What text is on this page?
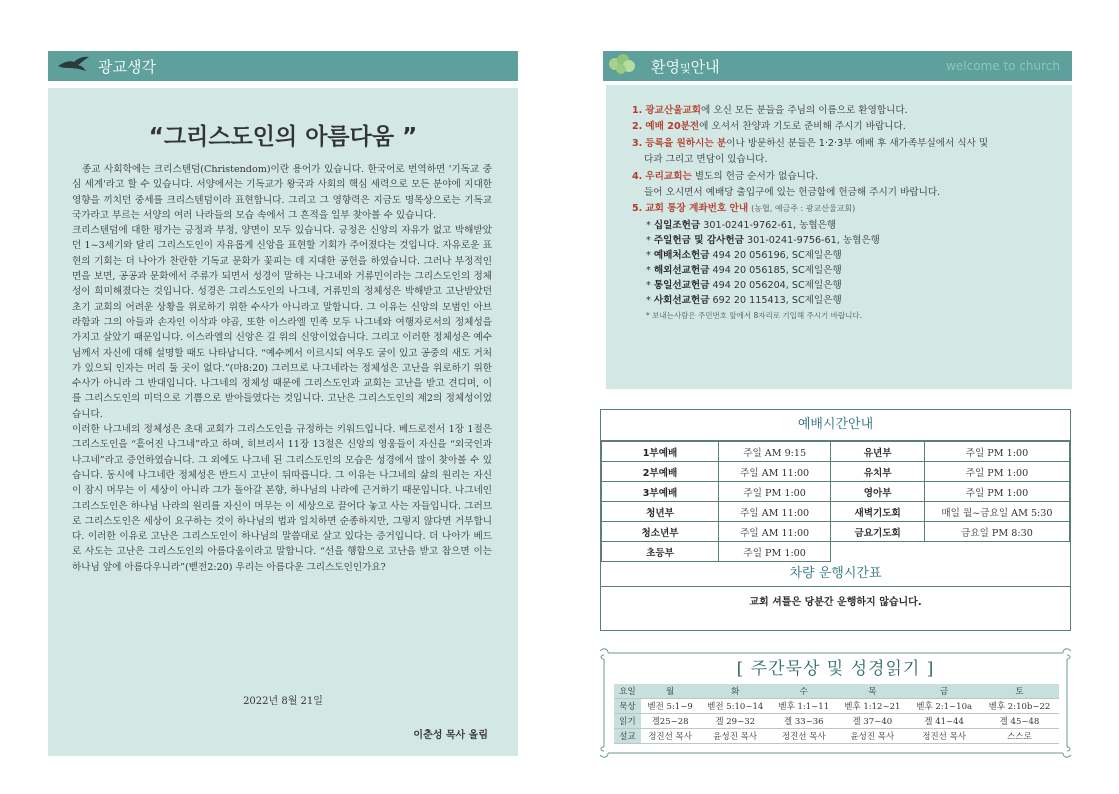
광교생각
“그리스도인의 아름다움 ”

종교 사회학에는 크리스텐덤(Christendom)이란 용어가 있습니다. 한국어로 번역하면 '기독교 중심 세계'라고 할 수 있습니다. 서양에서는 기독교가 왕국과 사회의 핵심 세력으로 모든 분야에 지대한 영향을 끼치던 중세를 크리스텐덤이라 표현합니다. 그리고 그 영향력은 지금도 명목상으로는 기독교 국가라고 부르는 서양의 여러 나라들의 모습 속에서 그 흔적을 일부 찾아볼 수 있습니다.

크리스텐덤에 대한 평가는 긍정과 부정, 양면이 모두 있습니다. 긍정은 신앙의 자유가 없고 박해받았던 1~3세기와 달리 그리스도인이 자유롭게 신앙을 표현할 기회가 주어졌다는 것입니다. 자유로운 표현의 기회는 더 나아가 찬란한 기독교 문화가 꽃피는 데 지대한 공헌을 하였습니다. 그러나 부정적인 면을 보면, 공공과 문화에서 주류가 되면서 성경이 말하는 나그네와 거류민이라는 그리스도인의 정체성이 희미해졌다는 것입니다. 성경은 그리스도인의 나그네, 거류민의 정체성은 박해받고 고난받았던 초기 교회의 어려운 상황을 위로하기 위한 수사가 아니라고 말합니다. 그 이유는 신앙의 모범인 아브라함과 그의 아들과 손자인 이삭과 야곱, 또한 이스라엘 민족 모두 나그네와 여행자로서의 정체성을 가지고 살았기 때문입니다. 이스라엘의 신앙은 길 위의 신앙이었습니다. 그리고 이러한 정체성은 예수님께서 자신에 대해 설명할 때도 나타납니다. “예수께서 이르시되 여우도 굴이 있고 공중의 새도 거처가 있으되 인자는 머리 둘 곳이 없다.”(마8:20) 그러므로 나그네라는 정체성은 고난을 위로하기 위한 수사가 아니라 그 반대입니다. 나그네의 정체성 때문에 그리스도인과 교회는 고난을 받고 견디며, 이를 그리스도인의 미덕으로 기쁨으로 받아들였다는 것입니다. 고난은 그리스도인의 제2의 정체성이었습니다.

이러한 나그네의 정체성은 초대 교회가 그리스도인을 규정하는 키워드입니다. 베드로전서 1장 1절은 그리스도인을 “흩어진 나그네”라고 하며, 히브리서 11장 13절은 신앙의 영웅들이 자신을 “외국인과 나그네”라고 증언하였습니다. 그 외에도 나그네 된 그리스도인의 모습은 성경에서 많이 찾아볼 수 있습니다. 동시에 나그네란 정체성은 반드시 고난이 뒤따릅니다. 그 이유는 나그네의 삶의 원리는 자신이 잠시 머무는 이 세상이 아니라 그가 돌아갈 본향, 하나님의 나라에 근거하기 때문입니다. 나그네인 그리스도인은 하나님 나라의 원리를 자신이 머무는 이 세상으로 끌어다 놓고 사는 자들입니다. 그러므로 그리스도인은 세상이 요구하는 것이 하나님의 법과 일치하면 순종하지만, 그렇지 않다면 거부합니다. 이러한 이유로 고난은 그리스도인이 하나님의 말씀대로 살고 있다는 증거입니다. 더 나아가 베드로 사도는 고난은 그리스도인의 아름다움이라고 말합니다. “선을 행함으로 고난을 받고 참으면 이는 하나님 앞에 아름다우니라”(벧전2:20) 우리는 아름다운 그리스도인인가요?

2022년 8월 21일
이춘성 목사 올림
환영및안내	welcome to church
1. 광교산울교회에 오신 모든 분들을 주님의 이름으로 환영합니다.
2. 예배 20분전에 오셔서 찬양과 기도로 준비해 주시기 바랍니다.
3. 등록을 원하시는 분이나 방문하신 분들은 1·2·3부 예배 후 새가족부실에서 식사 및
다과 그리고 면담이 있습니다.
4. 우리교회는 별도의 헌금 순서가 없습니다.
들어 오시면서 예배당 출입구에 있는 헌금함에 헌금해 주시기 바랍니다.
5. 교회 통장 계좌번호 안내 (농협, 예금주 : 광교산울교회)
* 십일조헌금 301-0241-9762-61, 농협은행
* 주일헌금 및 감사헌금 301-0241-9756-61, 농협은행
* 예배처소헌금 494 20 056196, SC제일은행
* 해외선교헌금 494 20 056185, SC제일은행
* 통일선교헌금 494 20 056204, SC제일은행
* 사회선교헌금 692 20 115413, SC제일은행
* 보내는사람은 주민번호 앞에서 8자리로 기입해 주시기 바랍니다.
예배시간안내
1부예배	주일 AM 9:15	유년부	주일 PM 1:00
2부예배	주일 AM 11:00	유치부	주일 PM 1:00
3부예배	주일 PM 1:00	영아부	주일 PM 1:00
청년부	주일 AM 11:00	새벽기도회	매일 월~금요일 AM 5:30
청소년부	주일 AM 11:00	금요기도회	금요일 PM 8:30
초등부	주일 PM 1:00		
차량 운행시간표
교회 셔틀은 당분간 운행하지 않습니다.
[ 주간묵상 및 성경읽기 ]
요일	월	화	수	목	금	토
묵상	벧전 5:1~9	벧전 5:10~14	벧후 1:1~11	벧후 1:12~21	벧후 2:1~10a	벧후 2:10b~22
읽기	겔25~28	겔 29~32	겔 33~36	겔 37~40	겔 41~44	겔 45~48
설교	정진선 목사	윤성진 목사	정진선 목사	윤성진 목사	정진선 목사	스스로
